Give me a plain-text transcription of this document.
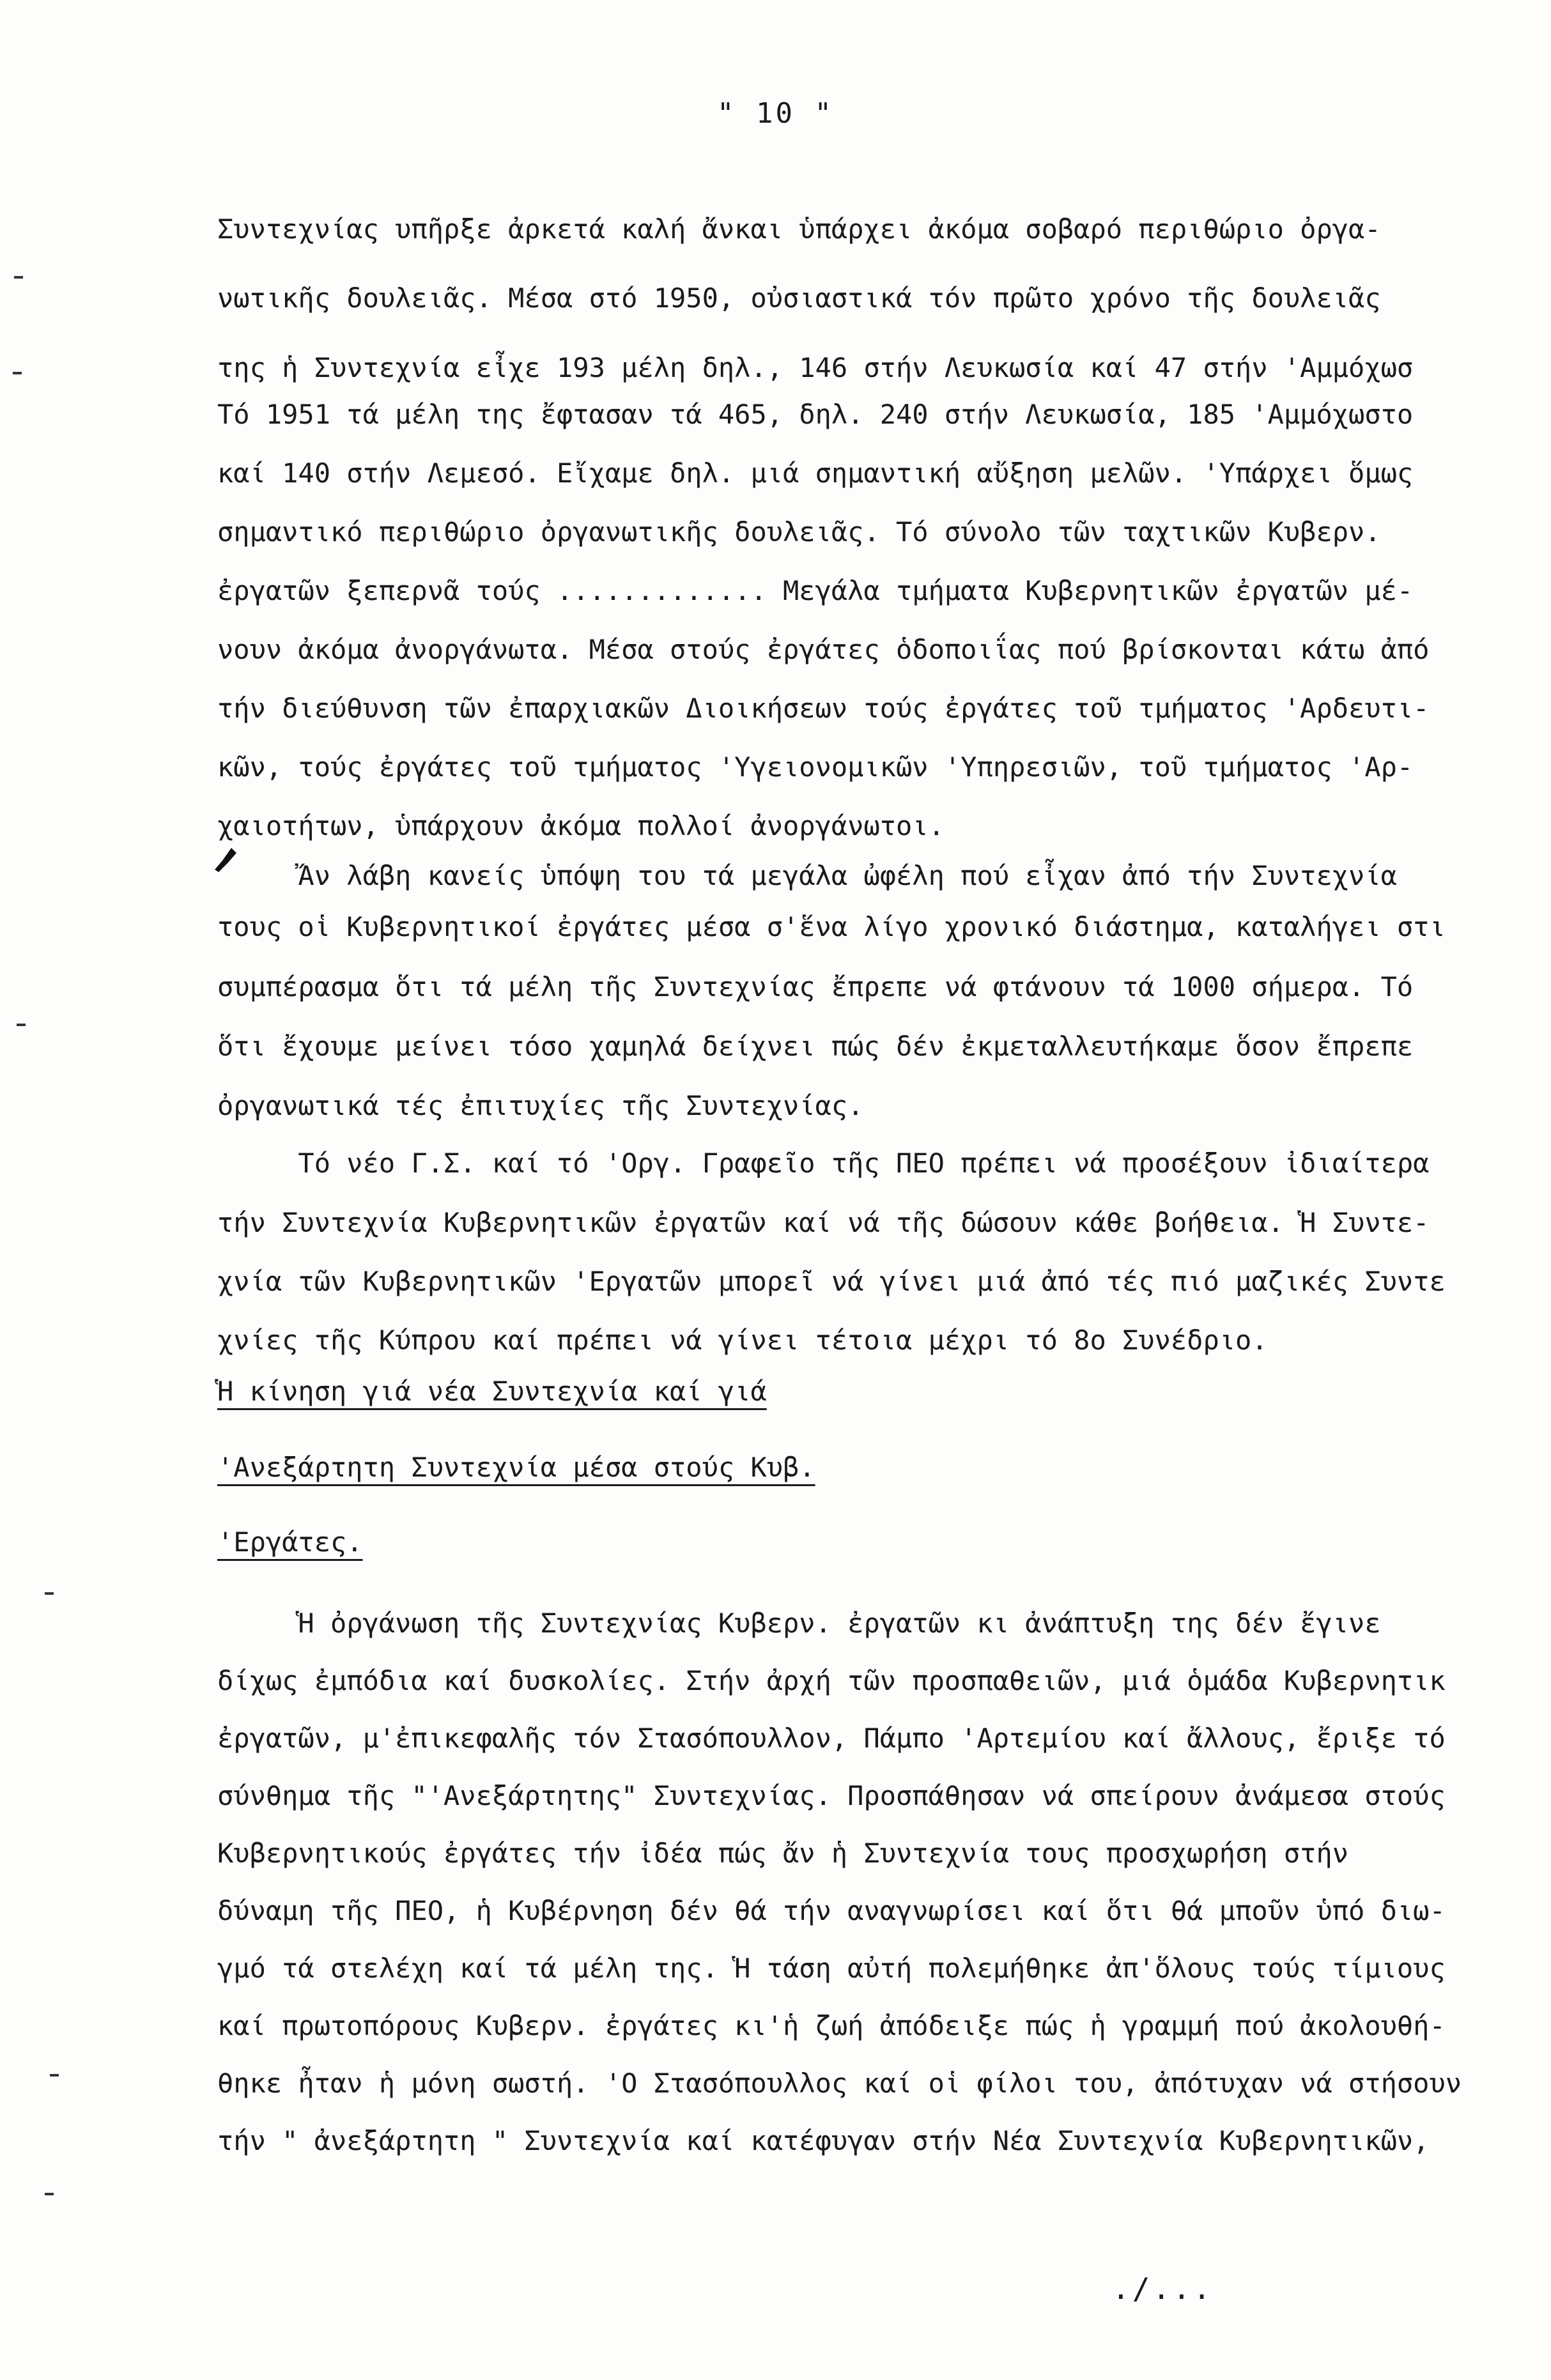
" 10 "
Συντεχνίας υπῆρξε ἀρκετά καλή ἄνκαι ὑπάρχει ἀκόμα σοβαρό περιθώριο ὀργα-
νωτικῆς δουλειᾶς. Μέσα στό 1950, οὐσιαστικά τόν πρῶτο χρόνο τῆς δουλειᾶς
της ἡ Συντεχνία εἶχε 193 μέλη δηλ., 146 στήν Λευκωσία καί 47 στήν 'Αμμόχωσ
Τό 1951 τά μέλη της ἔφτασαν τά 465, δηλ. 240 στήν Λευκωσία, 185 'Αμμόχωστο
καί 140 στήν Λεμεσό. Εἴχαμε δηλ. μιά σημαντική αὔξηση μελῶν. 'Υπάρχει ὅμως
σημαντικό περιθώριο ὀργανωτικῆς δουλειᾶς. Τό σύνολο τῶν ταχτικῶν Κυβερν.
ἐργατῶν ξεπερνᾶ τούς ............. Μεγάλα τμήματα Κυβερνητικῶν ἐργατῶν μέ-
νουν ἀκόμα ἀνοργάνωτα. Μέσα στούς ἐργάτες ὁδοποιΐας πού βρίσκονται κάτω ἀπό
τήν διεύθυνση τῶν ἐπαρχιακῶν Διοικήσεων τούς ἐργάτες τοῦ τμήματος 'Αρδευτι-
κῶν, τούς ἐργάτες τοῦ τμήματος 'Υγειονομικῶν 'Υπηρεσιῶν, τοῦ τμήματος 'Αρ-
χαιοτήτων, ὑπάρχουν ἀκόμα πολλοί ἀνοργάνωτοι.
Ἄν λάβη κανείς ὑπόψη του τά μεγάλα ὠφέλη πού εἶχαν ἀπό τήν Συντεχνία
τους οἱ Κυβερνητικοί ἐργάτες μέσα σ'ἕνα λίγο χρονικό διάστημα, καταλήγει στι
συμπέρασμα ὅτι τά μέλη τῆς Συντεχνίας ἔπρεπε νά φτάνουν τά 1000 σήμερα. Τό
ὅτι ἔχουμε μείνει τόσο χαμηλά δείχνει πώς δέν ἐκμεταλλευτήκαμε ὅσον ἔπρεπε
ὀργανωτικά τές ἐπιτυχίες τῆς Συντεχνίας.
Τό νέο Γ.Σ. καί τό 'Οργ. Γραφεῖο τῆς ΠΕΟ πρέπει νά προσέξουν ἰδιαίτερα
τήν Συντεχνία Κυβερνητικῶν ἐργατῶν καί νά τῆς δώσουν κάθε βοήθεια. Ἡ Συντε-
χνία τῶν Κυβερνητικῶν 'Εργατῶν μπορεῖ νά γίνει μιά ἀπό τές πιό μαζικές Συντε
χνίες τῆς Κύπρου καί πρέπει νά γίνει τέτοια μέχρι τό 8ο Συνέδριο.
Ἡ κίνηση γιά νέα Συντεχνία καί γιά
'Ανεξάρτητη Συντεχνία μέσα στούς Κυβ.
'Εργάτες.
Ἡ ὀργάνωση τῆς Συντεχνίας Κυβερν. ἐργατῶν κι ἀνάπτυξη της δέν ἔγινε
δίχως ἐμπόδια καί δυσκολίες. Στήν ἀρχή τῶν προσπαθειῶν, μιά ὁμάδα Κυβερνητικ
ἐργατῶν, μ'ἐπικεφαλῆς τόν Στασόπουλλον, Πάμπο 'Αρτεμίου καί ἄλλους, ἔριξε τό
σύνθημα τῆς "'Ανεξάρτητης" Συντεχνίας. Προσπάθησαν νά σπείρουν ἀνάμεσα στούς
Κυβερνητικούς ἐργάτες τήν ἰδέα πώς ἄν ἡ Συντεχνία τους προσχωρήση στήν
δύναμη τῆς ΠΕΟ, ἡ Κυβέρνηση δέν θά τήν αναγνωρίσει καί ὅτι θά μποῦν ὑπό διω-
γμό τά στελέχη καί τά μέλη της. Ἡ τάση αὐτή πολεμήθηκε ἀπ'ὅλους τούς τίμιους
καί πρωτοπόρους Κυβερν. ἐργάτες κι'ἡ ζωή ἀπόδειξε πώς ἡ γραμμή πού ἀκολουθή-
θηκε ἦταν ἡ μόνη σωστή. 'Ο Στασόπουλλος καί οἱ φίλοι του, ἀπότυχαν νά στήσουν
τήν " ἀνεξάρτητη " Συντεχνία καί κατέφυγαν στήν Νέα Συντεχνία Κυβερνητικῶν,
.∕...
